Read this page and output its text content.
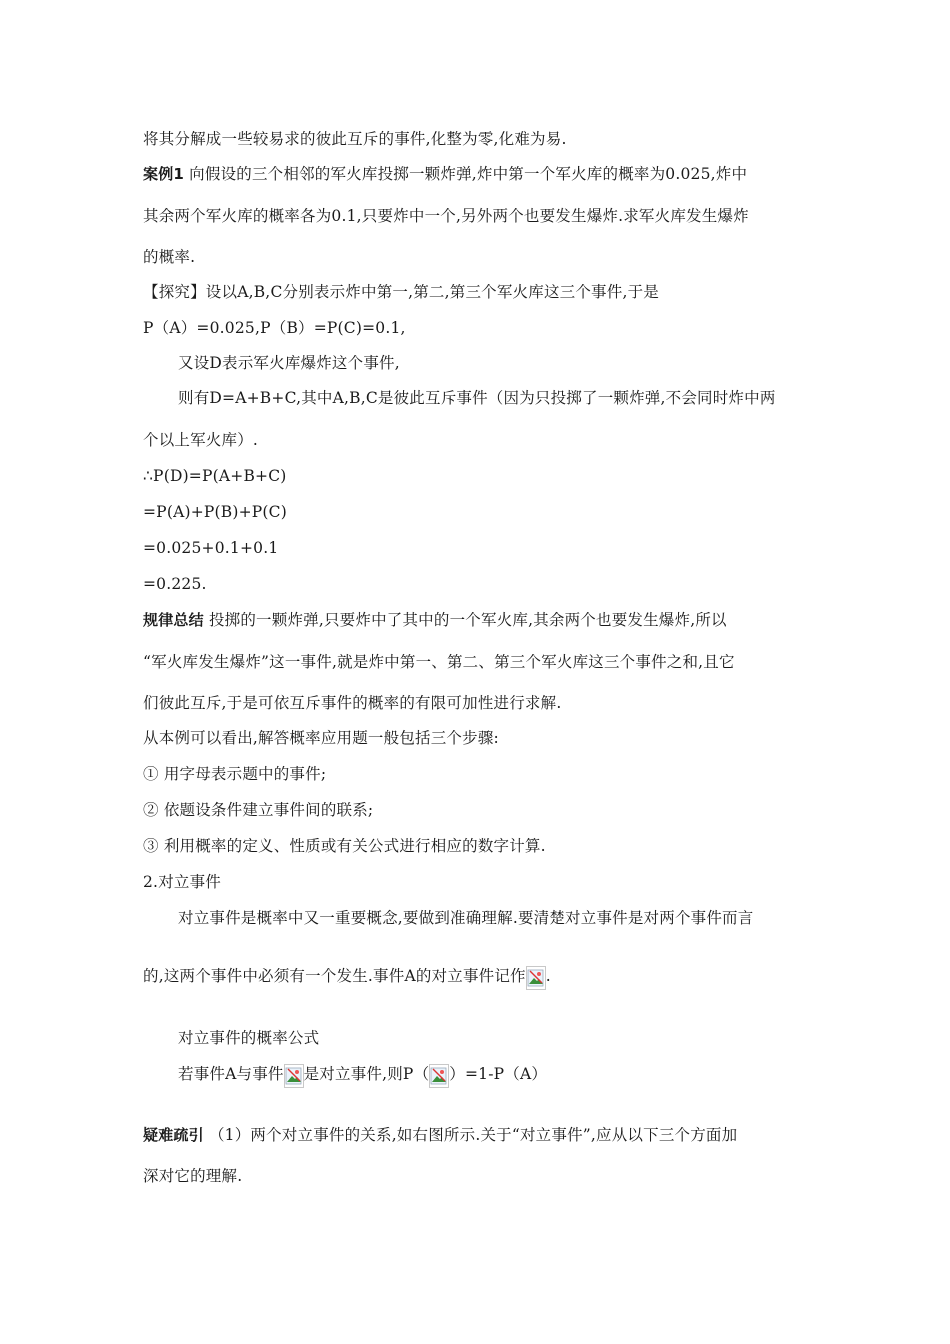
将其分解成一些较易求的彼此互斥的事件,化整为零,化难为易.
案例1 向假设的三个相邻的军火库投掷一颗炸弹,炸中第一个军火库的概率为0.025,炸中
其余两个军火库的概率各为0.1,只要炸中一个,另外两个也要发生爆炸.求军火库发生爆炸
的概率.
【探究】设以A,B,C分别表示炸中第一,第二,第三个军火库这三个事件,于是
P（A）=0.025,P（B）=P(C)=0.1,
又设D表示军火库爆炸这个事件,
则有D=A+B+C,其中A,B,C是彼此互斥事件（因为只投掷了一颗炸弹,不会同时炸中两
个以上军火库）.
∴P(D)=P(A+B+C)
=P(A)+P(B)+P(C)
=0.025+0.1+0.1
=0.225.
规律总结 投掷的一颗炸弹,只要炸中了其中的一个军火库,其余两个也要发生爆炸,所以
“军火库发生爆炸”这一事件,就是炸中第一、第二、第三个军火库这三个事件之和,且它
们彼此互斥,于是可依互斥事件的概率的有限可加性进行求解.
从本例可以看出,解答概率应用题一般包括三个步骤:
① 用字母表示题中的事件;
② 依题设条件建立事件间的联系;
③ 利用概率的定义、性质或有关公式进行相应的数字计算.
2.对立事件
对立事件是概率中又一重要概念,要做到准确理解.要清楚对立事件是对两个事件而言
的,这两个事件中必须有一个发生.事件A的对立事件记作 .
对立事件的概率公式
若事件A与事件 是对立事件,则P（ ）=1-P（A）
疑难疏引 （1）两个对立事件的关系,如右图所示.关于“对立事件”,应从以下三个方面加
深对它的理解.
